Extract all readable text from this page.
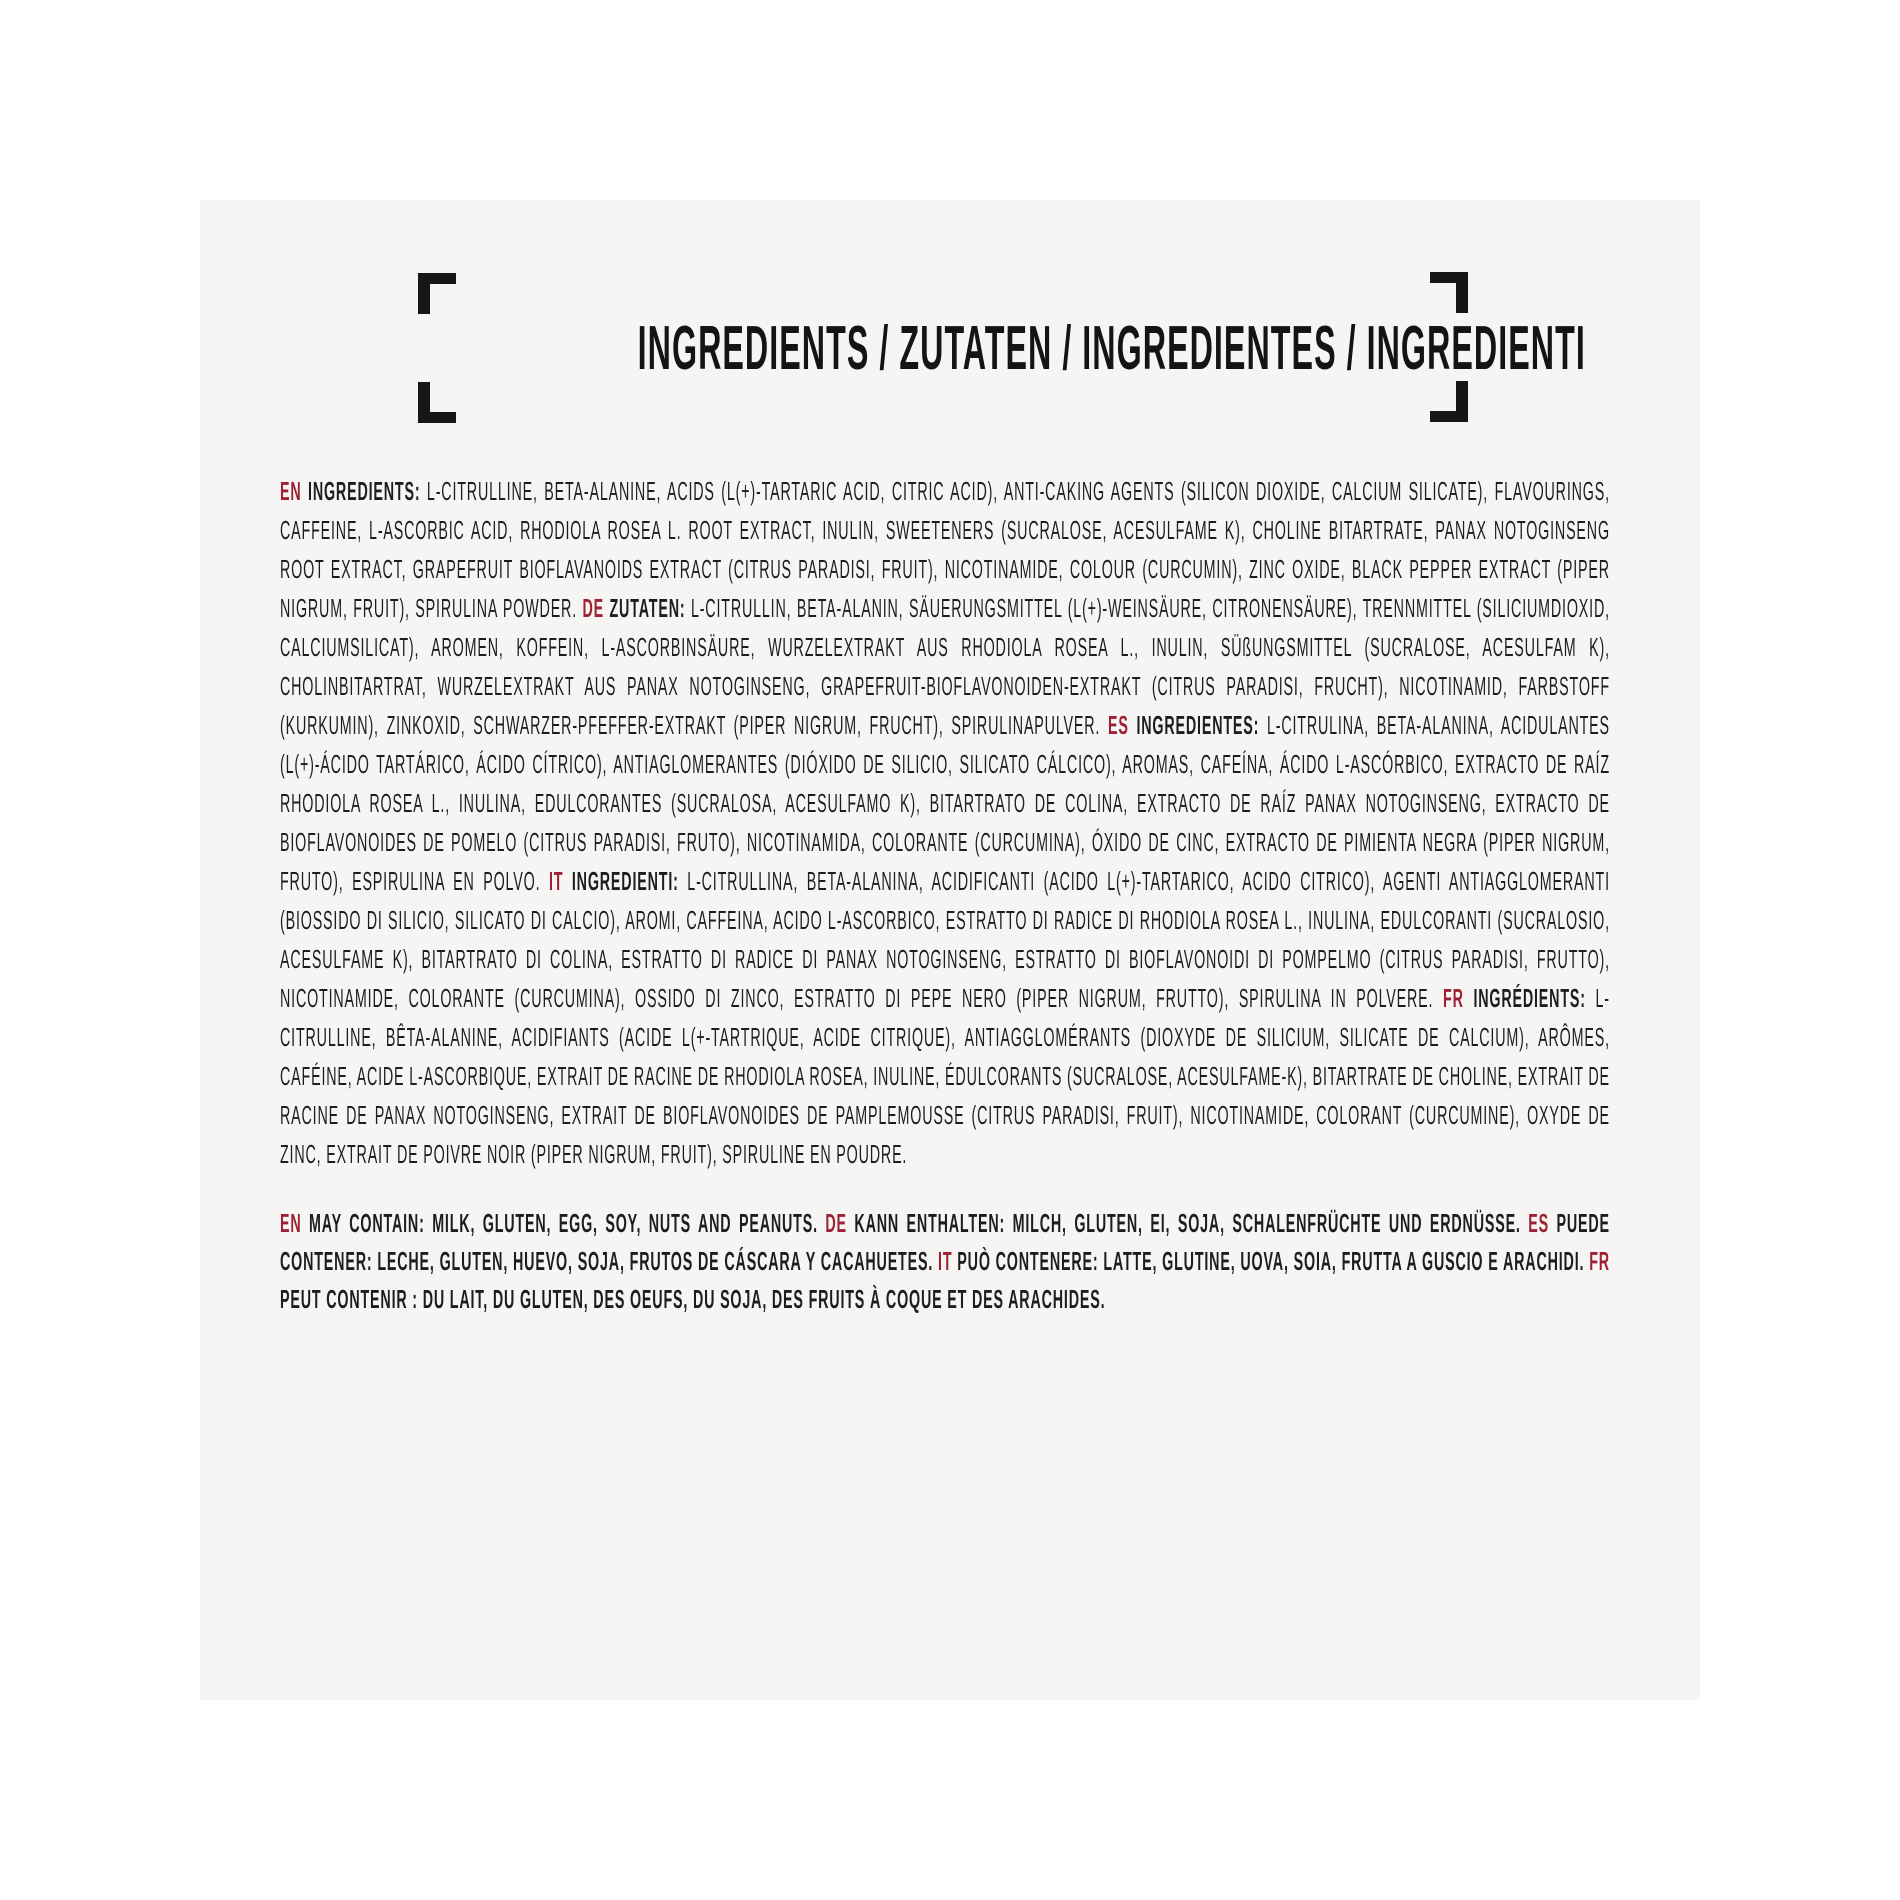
INGREDIENTS / ZUTATEN / INGREDIENTES / INGREDIENTI

EN INGREDIENTS: L-CITRULLINE, BETA-ALANINE, ACIDS (L(+)-TARTARIC ACID, CITRIC ACID), ANTI-CAKING AGENTS (SILICON DIOXIDE, CALCIUM SILICATE), FLAVOURINGS, CAFFEINE, L-ASCORBIC ACID, RHODIOLA ROSEA L. ROOT EXTRACT, INULIN, SWEETENERS (SUCRALOSE, ACESULFAME K), CHOLINE BITARTRATE, PANAX NOTOGINSENG ROOT EXTRACT, GRAPEFRUIT BIOFLAVANOIDS EXTRACT (CITRUS PARADISI, FRUIT), NICOTINAMIDE, COLOUR (CURCUMIN), ZINC OXIDE, BLACK PEPPER EXTRACT (PIPER NIGRUM, FRUIT), SPIRULINA POWDER. DE ZUTATEN: L-CITRULLIN, BETA-ALANIN, SÄUERUNGSMITTEL (L(+)-WEINSÄURE, CITRONENSÄURE), TRENNMITTEL (SILICIUMDIOXID, CALCIUMSILICAT), AROMEN, KOFFEIN, L-ASCORBINSÄURE, WURZELEXTRAKT AUS RHODIOLA ROSEA L., INULIN, SÜßUNGSMITTEL (SUCRALOSE, ACESULFAM K), CHOLINBITARTRAT, WURZELEXTRAKT AUS PANAX NOTOGINSENG, GRAPEFRUIT-BIOFLAVONOIDEN-EXTRAKT (CITRUS PARADISI, FRUCHT), NICOTINAMID, FARBSTOFF (KURKUMIN), ZINKOXID, SCHWARZER-PFEFFER-EXTRAKT (PIPER NIGRUM, FRUCHT), SPIRULINAPULVER. ES INGREDIENTES: L-CITRULINA, BETA-ALANINA, ACIDULANTES (L(+)-ÁCIDO TARTÁRICO, ÁCIDO CÍTRICO), ANTIAGLOMERANTES (DIÓXIDO DE SILICIO, SILICATO CÁLCICO), AROMAS, CAFEÍNA, ÁCIDO L-ASCÓRBICO, EXTRACTO DE RAÍZ RHODIOLA ROSEA L., INULINA, EDULCORANTES (SUCRALOSA, ACESULFAMO K), BITARTRATO DE COLINA, EXTRACTO DE RAÍZ PANAX NOTOGINSENG, EXTRACTO DE BIOFLAVONOIDES DE POMELO (CITRUS PARADISI, FRUTO), NICOTINAMIDA, COLORANTE (CURCUMINA), ÓXIDO DE CINC, EXTRACTO DE PIMIENTA NEGRA (PIPER NIGRUM, FRUTO), ESPIRULINA EN POLVO. IT INGREDIENTI: L-CITRULLINA, BETA-ALANINA, ACIDIFICANTI (ACIDO L(+)-TARTARICO, ACIDO CITRICO), AGENTI ANTIAGGLOMERANTI (BIOSSIDO DI SILICIO, SILICATO DI CALCIO), AROMI, CAFFEINA, ACIDO L-ASCORBICO, ESTRATTO DI RADICE DI RHODIOLA ROSEA L., INULINA, EDULCORANTI (SUCRALOSIO, ACESULFAME K), BITARTRATO DI COLINA, ESTRATTO DI RADICE DI PANAX NOTOGINSENG, ESTRATTO DI BIOFLAVONOIDI DI POMPELMO (CITRUS PARADISI, FRUTTO), NICOTINAMIDE, COLORANTE (CURCUMINA), OSSIDO DI ZINCO, ESTRATTO DI PEPE NERO (PIPER NIGRUM, FRUTTO), SPIRULINA IN POLVERE. FR INGRÉDIENTS: L-CITRULLINE, BÊTA-ALANINE, ACIDIFIANTS (ACIDE L(+-TARTRIQUE, ACIDE CITRIQUE), ANTIAGGLOMÉRANTS (DIOXYDE DE SILICIUM, SILICATE DE CALCIUM), ARÔMES, CAFÉINE, ACIDE L-ASCORBIQUE, EXTRAIT DE RACINE DE RHODIOLA ROSEA, INULINE, ÉDULCORANTS (SUCRALOSE, ACESULFAME-K), BITARTRATE DE CHOLINE, EXTRAIT DE RACINE DE PANAX NOTOGINSENG, EXTRAIT DE BIOFLAVONOIDES DE PAMPLEMOUSSE (CITRUS PARADISI, FRUIT), NICOTINAMIDE, COLORANT (CURCUMINE), OXYDE DE ZINC, EXTRAIT DE POIVRE NOIR (PIPER NIGRUM, FRUIT), SPIRULINE EN POUDRE.

EN MAY CONTAIN: MILK, GLUTEN, EGG, SOY, NUTS AND PEANUTS. DE KANN ENTHALTEN: MILCH, GLUTEN, EI, SOJA, SCHALENFRÜCHTE UND ERDNÜSSE. ES PUEDE CONTENER: LECHE, GLUTEN, HUEVO, SOJA, FRUTOS DE CÁSCARA Y CACAHUETES. IT PUÒ CONTENERE: LATTE, GLUTINE, UOVA, SOIA, FRUTTA A GUSCIO E ARACHIDI. FR PEUT CONTENIR : DU LAIT, DU GLUTEN, DES OEUFS, DU SOJA, DES FRUITS À COQUE ET DES ARACHIDES.
